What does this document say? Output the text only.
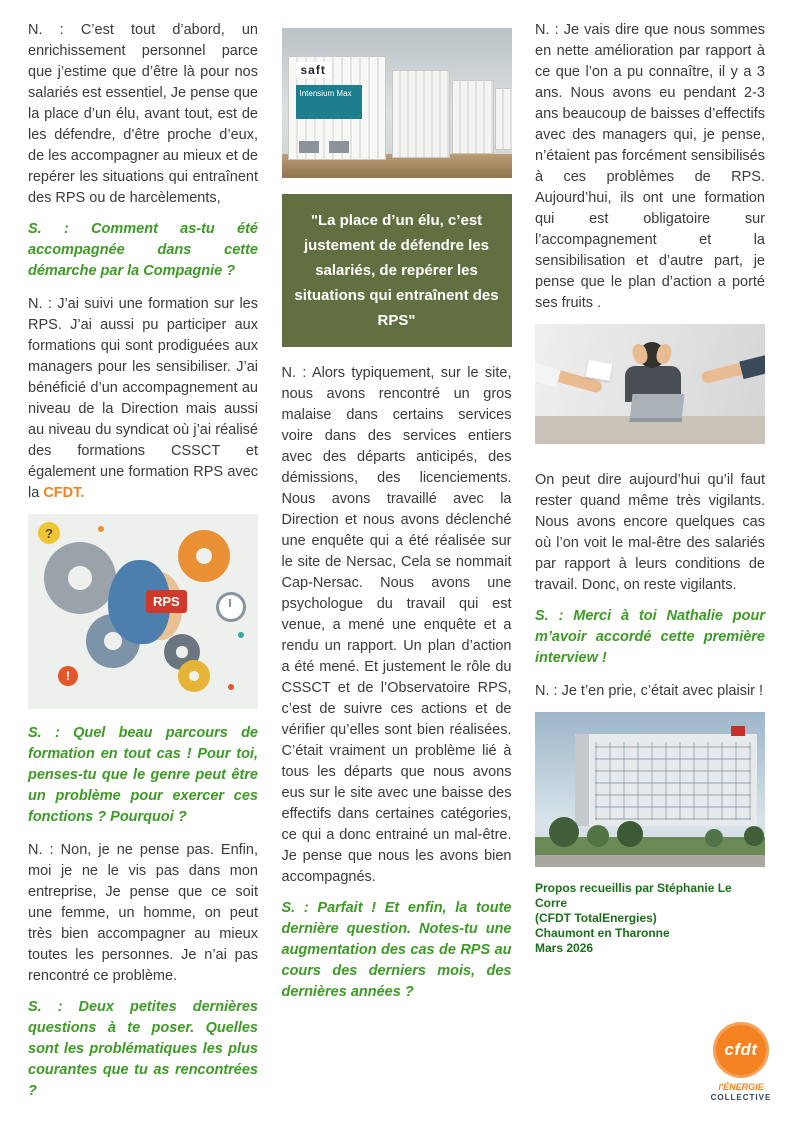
N. : C’est tout d’abord, un enrichissement personnel parce que j’estime que d’être là pour nos salariés est essentiel, Je pense que la place d’un élu, avant tout, est de les défendre, d’être proche d’eux, de les accompagner au mieux et de repérer les situations qui entraînent des RPS ou de harcèlements,

S. : Comment as-tu été accompagnée dans cette démarche par la Compagnie ?

N. : J’ai suivi une formation sur les RPS. J’ai aussi pu participer aux formations qui sont prodiguées aux managers pour les sensibiliser. J’ai bénéficié d’un accompagnement au niveau de la Direction mais aussi au niveau du syndicat où j’ai réalisé des formations CSSCT et également une formation RPS avec la CFDT.

RPS
?
!

S. : Quel beau parcours de formation en tout cas ! Pour toi, penses-tu que le genre peut être un problème pour exercer ces fonctions ? Pourquoi ?

N. : Non, je ne pense pas. Enfin, moi je ne le vis pas dans mon entreprise, Je pense que ce soit une femme, un homme, on peut très bien accompagner au mieux toutes les personnes. Je n’ai pas rencontré ce problème.

S. : Deux petites dernières questions à te poser. Quelles sont les problématiques les plus courantes que tu as rencontrées ?

saft
Intensium Max
"La place d’un élu, c’est justement de défendre les salariés, de repérer les situations qui entraînent des RPS"

N. : Alors typiquement, sur le site, nous avons rencontré un gros malaise dans certains services voire dans des services entiers avec des départs anticipés, des démissions, des licenciements. Nous avons travaillé avec la Direction et nous avons déclenché une enquête qui a été réalisée sur le site de Nersac, Cela se nommait Cap-Nersac. Nous avons une psychologue du travail qui est venue, a mené une enquête et a rendu un rapport. Un plan d’action a été mené. Et justement le rôle du CSSCT et de l’Observatoire RPS, c’est de suivre ces actions et de vérifier qu’elles sont bien réalisées. C’était vraiment un problème lié à tous les départs que nous avons eus sur le site avec une baisse des effectifs dans certaines catégories, ce qui a donc entrainé un mal-être. Je pense que nous les avons bien accompagnés.

S. : Parfait ! Et enfin, la toute dernière question. Notes-tu une augmentation des cas de RPS au cours des derniers mois, des dernières années ?

N. : Je vais dire que nous sommes en nette amélioration par rapport à ce que l’on a pu connaître, il y a 3 ans. Nous avons eu pendant 2-3 ans beaucoup de baisses d’effectifs avec des managers qui, je pense, n’étaient pas forcément sensibilisés à ces problèmes de RPS. Aujourd’hui, ils ont une formation qui est obligatoire sur l’accompagnement et la sensibilisation et d’autre part, je pense que le plan d’action a porté ses fruits .

On peut dire aujourd’hui qu’il faut rester quand même très vigilants. Nous avons encore quelques cas où l’on voit le mal-être des salariés par rapport à leurs conditions de travail. Donc, on reste vigilants.

S. : Merci à toi Nathalie pour m’avoir accordé cette première interview !

N. : Je t’en prie, c’était avec plaisir !

Propos recueillis par Stéphanie Le Corre
(CFDT TotalEnergies)
Chaumont en Tharonne
Mars 2026
cfdt
l'ÉNERGIE
COLLECTIVE
